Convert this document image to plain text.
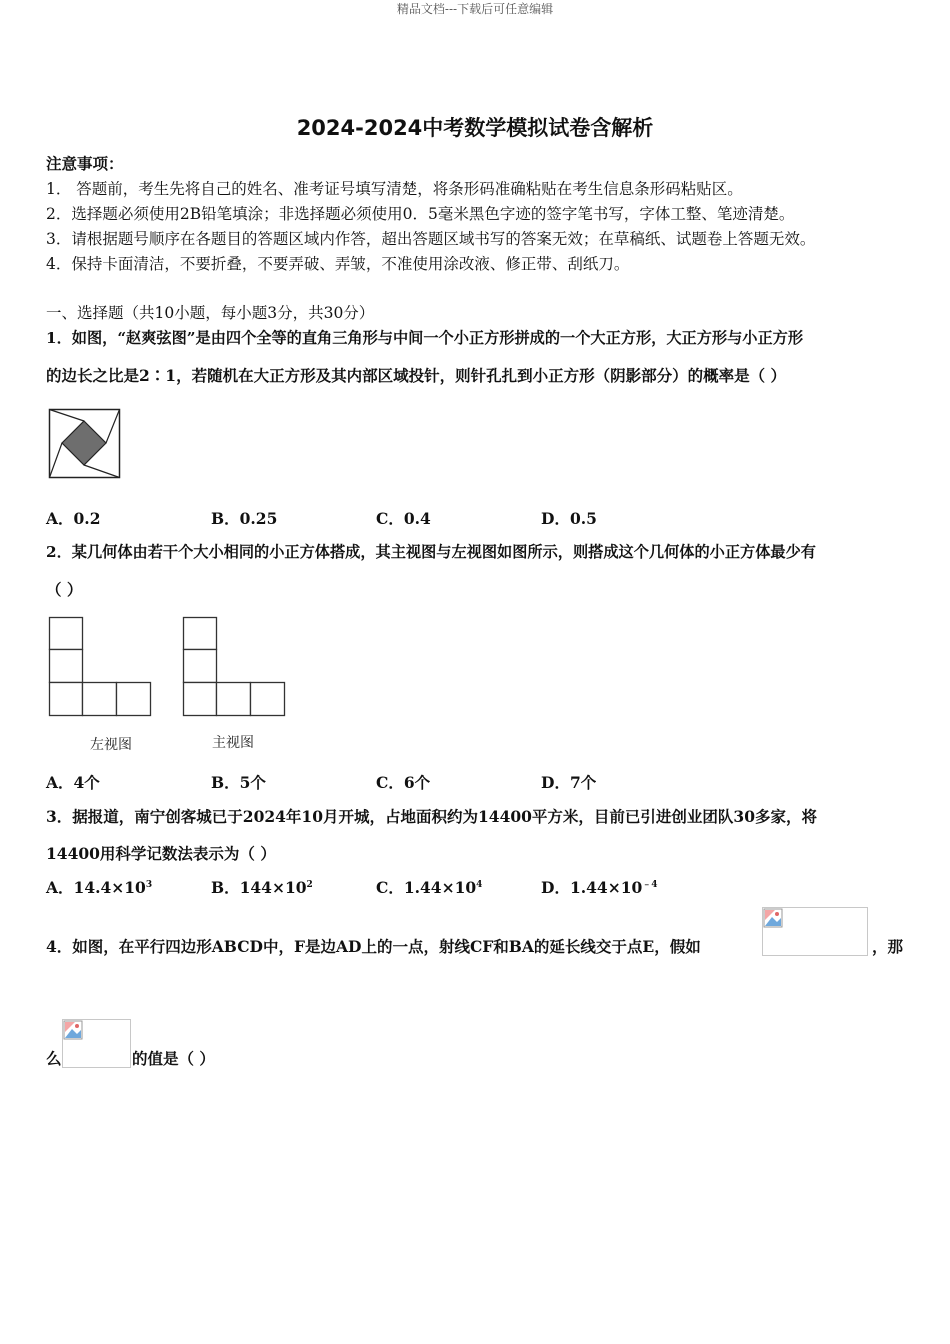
精品文档---下载后可任意编辑
2024-2024中考数学模拟试卷含解析
注意事项：
1． 答题前，考生先将自己的姓名、准考证号填写清楚，将条形码准确粘贴在考生信息条形码粘贴区。
2．选择题必须使用2B铅笔填涂；非选择题必须使用0．5毫米黑色字迹的签字笔书写，字体工整、笔迹清楚。
3．请根据题号顺序在各题目的答题区域内作答，超出答题区域书写的答案无效；在草稿纸、试题卷上答题无效。
4．保持卡面清洁，不要折叠，不要弄破、弄皱，不准使用涂改液、修正带、刮纸刀。
一、选择题（共10小题，每小题3分，共30分）
1．如图，“赵爽弦图”是由四个全等的直角三角形与中间一个小正方形拼成的一个大正方形，大正方形与小正方形
的边长之比是2∶1，若随机在大正方形及其内部区域投针，则针孔扎到小正方形（阴影部分）的概率是（ ）
A．0.2	B．0.25	C．0.4	D．0.5
2．某几何体由若干个大小相同的小正方体搭成，其主视图与左视图如图所示，则搭成这个几何体的小正方体最少有
（ ）
左视图	主视图
A．4个	B．5个	C．6个	D．7个
3．据报道，南宁创客城已于2024年10月开城，占地面积约为14400平方米，目前已引进创业团队30多家，将
14400用科学记数法表示为（ ）
A．$14.4\times 10^3$	B．$144\times 10^2$	C．$1.44\times 10^4$	D．$1.44\times 10^{﹣4}$
4．如图，在平行四边形ABCD中，F是边AD上的一点，射线CF和BA的延长线交于点E，假如	，那
么	的值是（ ）
